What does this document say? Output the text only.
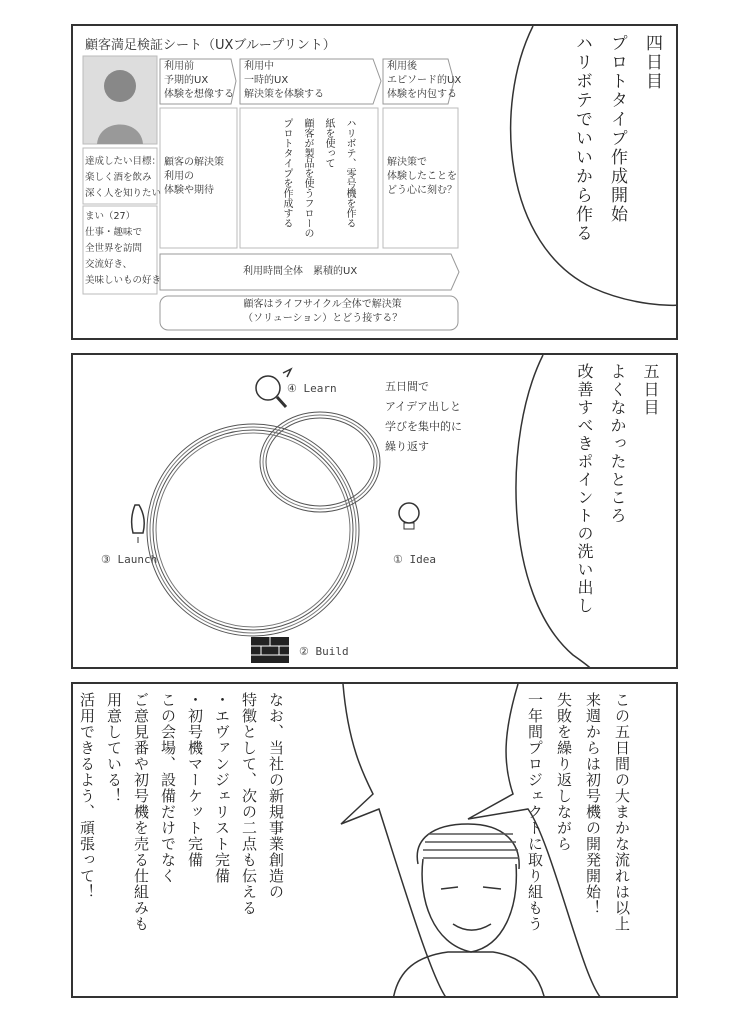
顧客満足検証シート（UXブループリント）
利用前
予期的UX
体験を想像する
利用中
一時的UX
解決策を体験する
利用後
エピソード的UX
体験を内包する
達成したい目標：
楽しく酒を飲み
深く人を知りたい
まい（27）
仕事・趣味で
全世界を訪問
交流好き、
美味しいもの好き
顧客の解決策
利用の
体験や期待	ハリボテ、零号機を作る
紙を使って
顧客が製品を使うフローの
プロトタイプを作成する	解決策で
体験したことを
どう心に刻む？
利用時間全体　累積的UX
顧客はライフサイクル全体で解決策
（ソリューション）とどう接する？
四日目
プロトタイプ作成開始
ハリボテでいいから作る
④ Learn
① Idea
② Build
③ Launch
五日間で
アイデア出しと
学びを集中的に
繰り返す
五日目
よくなかったところ
改善すべきポイントの洗い出し
この五日間の大まかな流れは以上
来週からは初号機の開発開始！
失敗を繰り返しながら
一年間プロジェクトに取り組もう
なお、当社の新規事業創造の
特徴として、次の二点も伝える
・エヴァンジェリスト完備
・初号機マーケット完備
この会場、設備だけでなく
ご意見番や初号機を売る仕組みも
用意している！
活用できるよう、頑張って！
